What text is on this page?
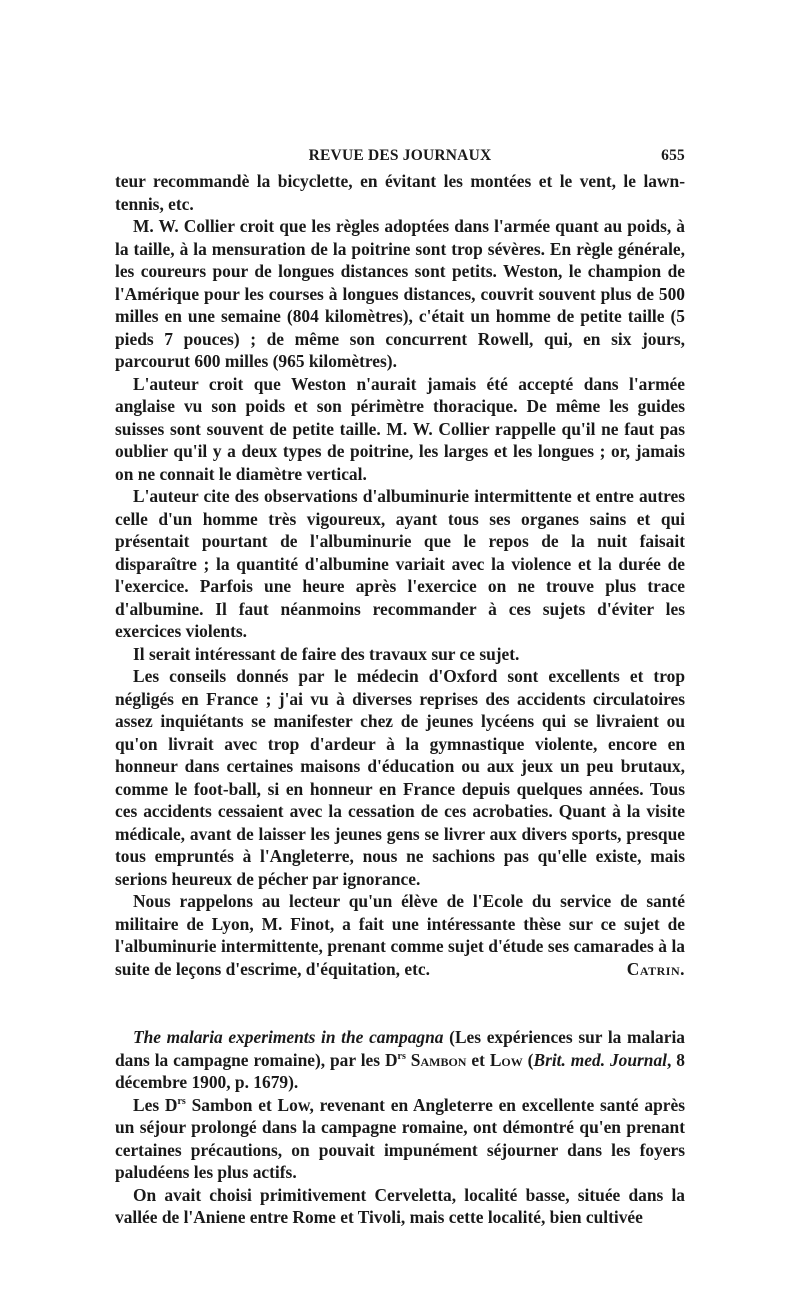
REVUE DES JOURNAUX	655

teur recommandè la bicyclette, en évitant les montées et le vent, le lawn-tennis, etc.

M. W. Collier croit que les règles adoptées dans l'armée quant au poids, à la taille, à la mensuration de la poitrine sont trop sévères. En règle générale, les coureurs pour de longues distances sont petits. Weston, le champion de l'Amérique pour les courses à longues distances, couvrit souvent plus de 500 milles en une semaine (804 kilomètres), c'était un homme de petite taille (5 pieds 7 pouces) ; de même son concurrent Rowell, qui, en six jours, parcourut 600 milles (965 kilomètres).

L'auteur croit que Weston n'aurait jamais été accepté dans l'armée anglaise vu son poids et son périmètre thoracique. De même les guides suisses sont souvent de petite taille. M. W. Collier rappelle qu'il ne faut pas oublier qu'il y a deux types de poitrine, les larges et les longues ; or, jamais on ne connait le diamètre vertical.

L'auteur cite des observations d'albuminurie intermittente et entre autres celle d'un homme très vigoureux, ayant tous ses organes sains et qui présentait pourtant de l'albuminurie que le repos de la nuit faisait disparaître ; la quantité d'albumine variait avec la violence et la durée de l'exercice. Parfois une heure après l'exercice on ne trouve plus trace d'albumine. Il faut néanmoins recommander à ces sujets d'éviter les exercices violents.

Il serait intéressant de faire des travaux sur ce sujet.

Les conseils donnés par le médecin d'Oxford sont excellents et trop négligés en France ; j'ai vu à diverses reprises des accidents circulatoires assez inquiétants se manifester chez de jeunes lycéens qui se livraient ou qu'on livrait avec trop d'ardeur à la gymnastique violente, encore en honneur dans certaines maisons d'éducation ou aux jeux un peu brutaux, comme le foot-ball, si en honneur en France depuis quelques années. Tous ces accidents cessaient avec la cessation de ces acrobaties. Quant à la visite médicale, avant de laisser les jeunes gens se livrer aux divers sports, presque tous empruntés à l'Angleterre, nous ne sachions pas qu'elle existe, mais serions heureux de pécher par ignorance.

Nous rappelons au lecteur qu'un élève de l'Ecole du service de santé militaire de Lyon, M. Finot, a fait une intéressante thèse sur ce sujet de l'albuminurie intermittente, prenant comme sujet d'étude ses camarades à la suite de leçons d'escrime, d'équitation, etc.	Catrin.

The malaria experiments in the campagna (Les expériences sur la malaria dans la campagne romaine), par les $D^{rs}$ Sambon et Low (Brit. med. Journal, 8 décembre 1900, p. 1679).

Les $D^{rs}$ Sambon et Low, revenant en Angleterre en excellente santé après un séjour prolongé dans la campagne romaine, ont démontré qu'en prenant certaines précautions, on pouvait impunément séjourner dans les foyers paludéens les plus actifs.

On avait choisi primitivement Cerveletta, localité basse, située dans la vallée de l'Aniene entre Rome et Tivoli, mais cette localité, bien cultivée
